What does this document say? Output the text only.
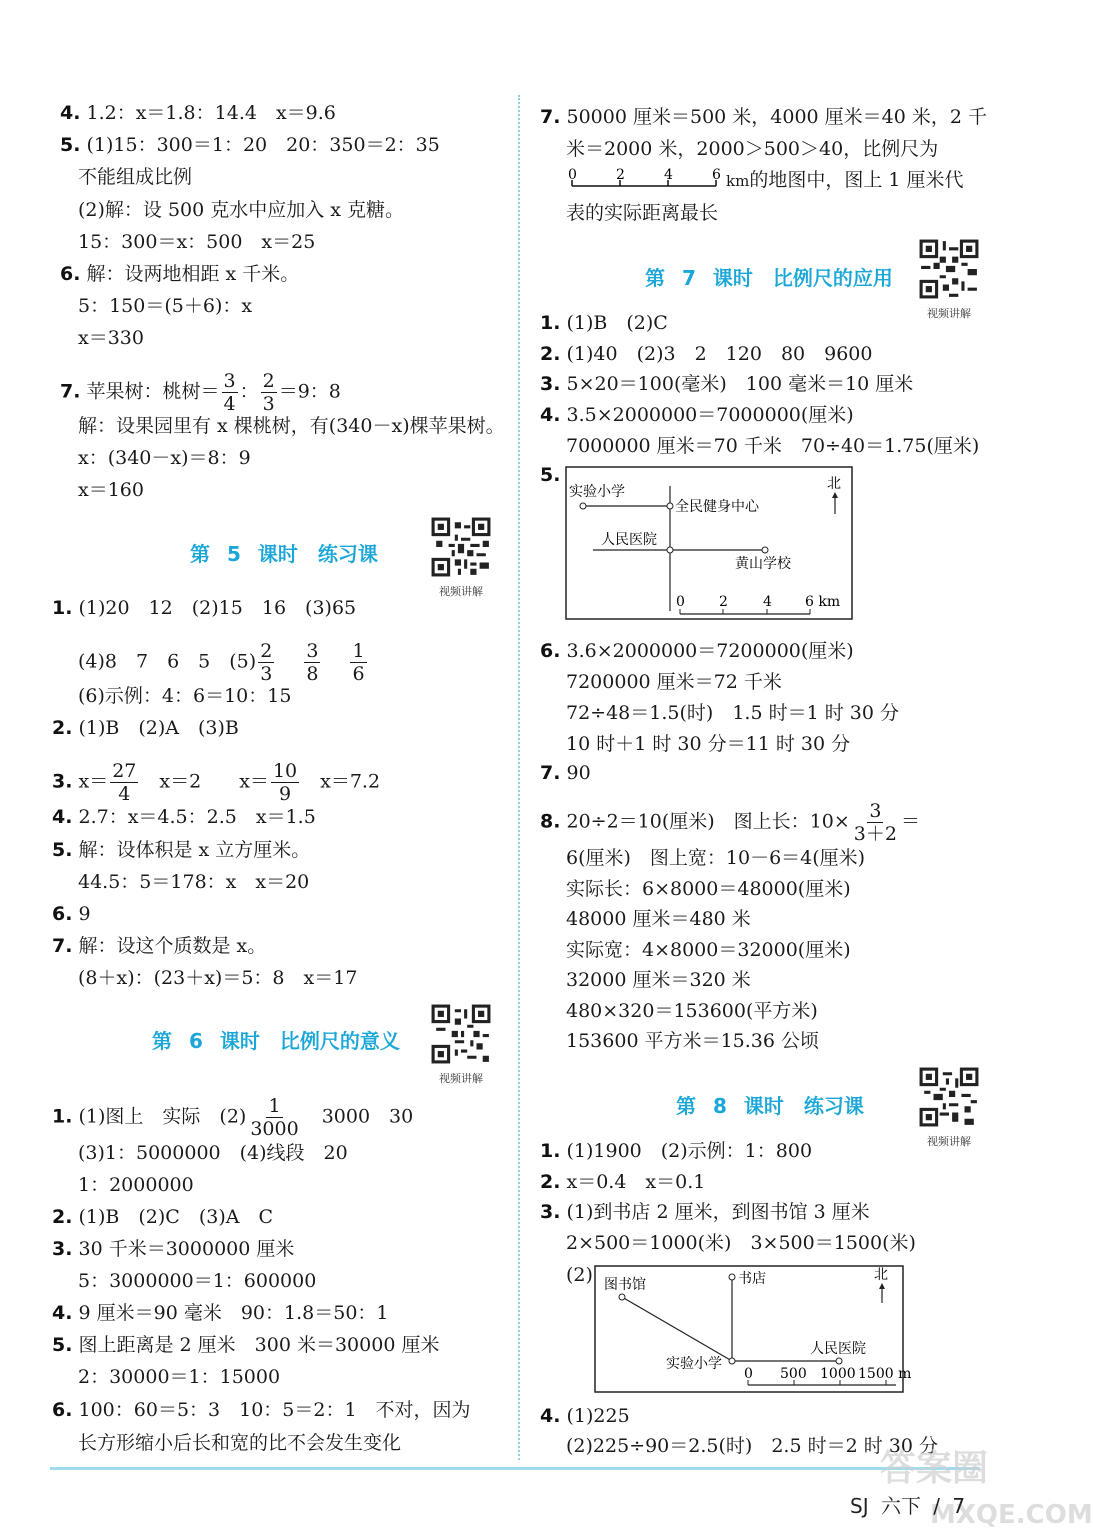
4. 1.2：x＝1.8：14.4　x＝9.6
5. (1)15：300＝1：20　20：350＝2：35
不能组成比例
(2)解：设 500 克水中应加入 x 克糖。
15：300＝x：500　x＝25
6. 解：设两地相距 x 千米。
5：150＝(5＋6)：x
x＝330
解：设果园里有 x 棵桃树，有(340－x)棵苹果树。
x：(340－x)＝8：9
x＝160
1. (1)20　12　(2)15　16　(3)65
(6)示例：4：6＝10：15
2. (1)B　(2)A　(3)B
4. 2.7：x＝4.5：2.5　x＝1.5
5. 解：设体积是 x 立方厘米。
44.5：5＝178：x　x＝20
6. 9
7. 解：设这个质数是 x。
(8＋x)：(23＋x)＝5：8　x＝17
(3)1：5000000　(4)线段　20
1：2000000
2. (1)B　(2)C　(3)A　C
3. 30 千米＝3000000 厘米
5：3000000＝1：600000
4. 9 厘米＝90 毫米　90：1.8＝50：1
5. 图上距离是 2 厘米　300 米＝30000 厘米
2：30000＝1：15000
6. 100：60＝5：3　10：5＝2：1　不对，因为
长方形缩小后长和宽的比不会发生变化
7. 苹果树：桃树＝ $\frac{3}{4}$ ： $\frac{2}{3} =9$：8
(4)8　7　6　5　$(5) \frac{2}{3}$
$\frac{3}{8}$
$\frac{1}{6}$
3. $x= \frac{27}{4}$ 　x＝2　　$x= \frac{10}{9}$ 　x＝7.2
1. (1)图上　实际　$(2) \frac{1}{3000}$ 　3000　30
第 5 课时　练习课
第 6 课时　比例尺的意义
视频讲解
视频讲解
视频讲解
视频讲解
7. 50000 厘米＝500 米，4000 厘米＝40 米，2 千
米＝2000 米，2000＞500＞40，比例尺为
表的实际距离最长
1. (1)B　(2)C
2. (1)40　(2)3　2　120　80　9600
3. 5×20＝100(毫米)　100 毫米＝10 厘米
4. 3.5×2000000＝7000000(厘米)
7000000 厘米＝70 千米　70÷40＝1.75(厘米)
6. 3.6×2000000＝7200000(厘米)
7200000 厘米＝72 千米
72÷48＝1.5(时)　1.5 时＝1 时 30 分
10 时＋1 时 30 分＝11 时 30 分
7. 90
6(厘米)　图上宽：10－6＝4(厘米)
实际长：6×8000＝48000(厘米)
48000 厘米＝480 米
实际宽：4×8000＝32000(厘米)
32000 厘米＝320 米
480×320＝153600(平方米)
153600 平方米＝15.36 公顷
1. (1)1900　(2)示例：1：800
2. x＝0.4　x＝0.1
3. (1)到书店 2 厘米，到图书馆 3 厘米
2×500＝1000(米)　3×500＝1500(米)
4. (1)225
(2)225÷90＝2.5(时)　2.5 时＝2 时 30 分
0	2	4	6 km的地图中，图上 1 厘米代
第 7 课时　比例尺的应用
第 8 课时　练习课
5.
实验小学
全民健身中心
人民医院
黄山学校
北
0 2	4 6 km
8. 20÷2＝10(厘米)　图上长：$10\times \frac{3}{3+2}$ ＝
(2) 图书馆	书店
实验小学
人民医院
北
0 500 1000 1500 m
答案圈
MXQE.COM
SJ 六下 / 7
